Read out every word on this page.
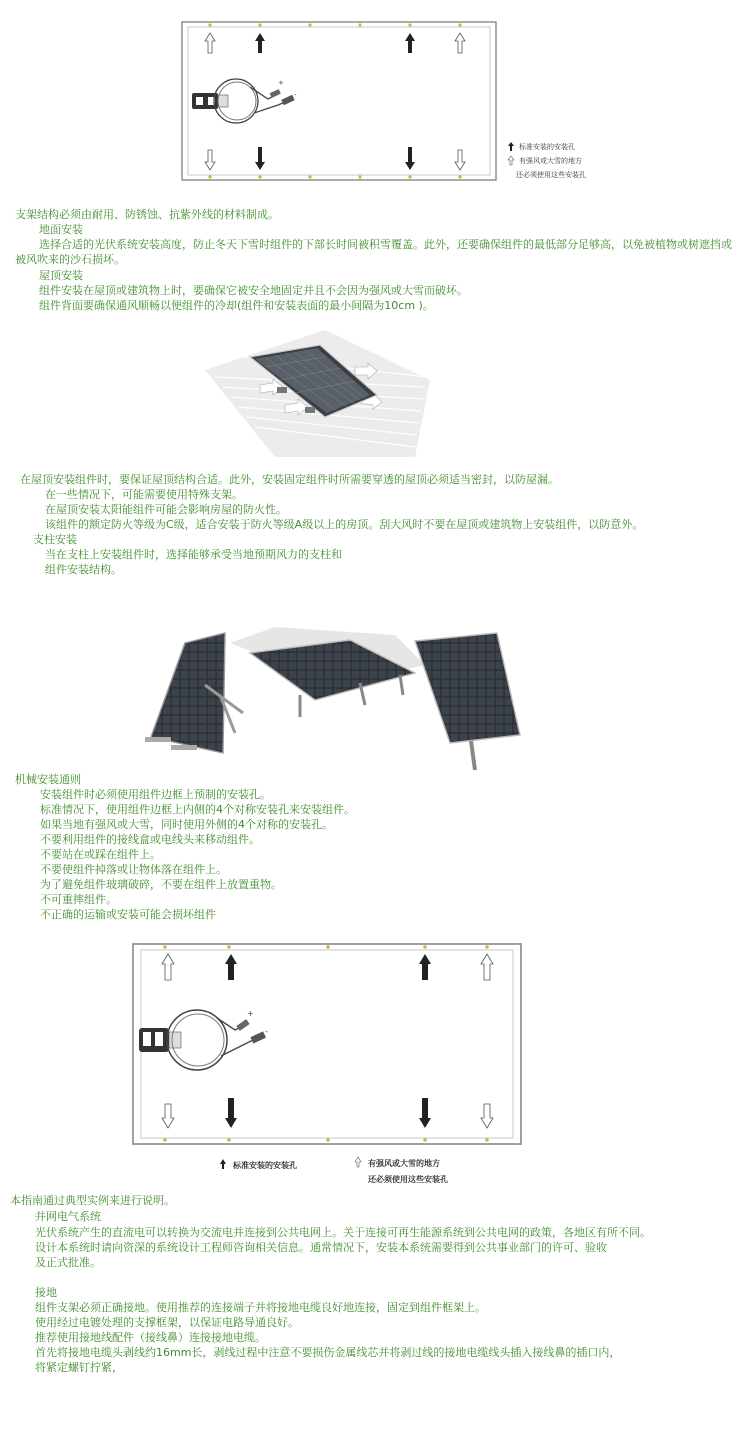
+
-
标准安装的安装孔
有强风或大雪的地方
还必须使用这些安装孔
支架结构必须由耐用、防锈蚀、抗紫外线的材料制成。
地面安装
选择合适的光伏系统安装高度，防止冬天下雪时组件的下部长时间被积雪覆盖。此外，还要确保组件的最低部分足够高，以免被植物或树遮挡或被风吹来的沙石损坏。
屋顶安装
组件安装在屋顶或建筑物上时，要确保它被安全地固定并且不会因为强风或大雪而破坏。
组件背面要确保通风顺畅以便组件的冷却(组件和安装表面的最小间隔为10cm )。
在屋顶安装组件时，要保证屋顶结构合适。此外，安装固定组件时所需要穿透的屋顶必须适当密封，以防屋漏。
在一些情况下，可能需要使用特殊支架。
在屋顶安装太阳能组件可能会影响房屋的防火性。
该组件的额定防火等级为C级，适合安装于防火等级A级以上的房顶。刮大风时不要在屋顶或建筑物上安装组件，以防意外。
支柱安装
当在支柱上安装组件时，选择能够承受当地预期风力的支柱和
组件安装结构。
机械安装通则
安装组件时必须使用组件边框上预制的安装孔。
标准情况下，使用组件边框上内侧的4个对称安装孔来安装组件。
如果当地有强风或大雪，同时使用外侧的4个对称的安装孔。
不要利用组件的接线盒或电线头来移动组件。
不要站在或踩在组件上。
不要使组件掉落或让物体落在组件上。
为了避免组件玻璃破碎，不要在组件上放置重物。
不可重摔组件。
不正确的运输或安装可能会损坏组件
+
-
标准安装的安装孔	有强风或大雪的地方
还必须使用这些安装孔
本指南通过典型实例来进行说明。
并网电气系统
光伏系统产生的直流电可以转换为交流电并连接到公共电网上。关于连接可再生能源系统到公共电网的政策，各地区有所不同。
设计本系统时请向资深的系统设计工程师咨询相关信息。通常情况下，安装本系统需要得到公共事业部门的许可、验收
及正式批准。
接地
组件支架必须正确接地。使用推荐的连接端子并将接地电缆良好地连接，固定到组件框架上。
使用经过电镀处理的支撑框架，以保证电路导通良好。
推荐使用接地线配件（接线鼻）连接接地电缆。
首先将接地电缆头剥线约16mm长，剥线过程中注意不要损伤金属线芯并将剥过线的接地电缆线头插入接线鼻的插口内，
将紧定螺钉拧紧，
